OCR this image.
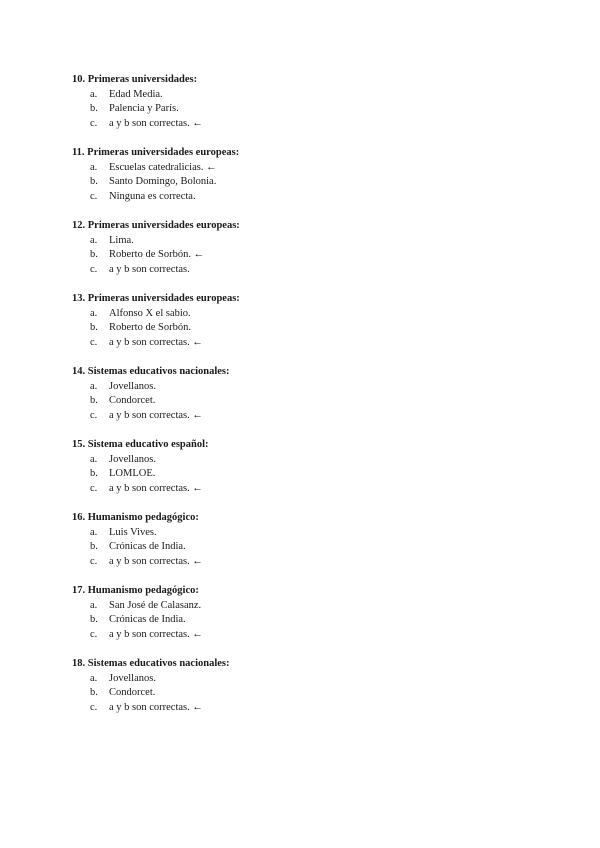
10. Primeras universidades:
a. Edad Media.
b. Palencia y París.
c. a y b son correctas. ←
11. Primeras universidades europeas:
a. Escuelas catedralicias. ←
b. Santo Domingo, Bolonia.
c. Ninguna es correcta.
12. Primeras universidades europeas:
a. Lima.
b. Roberto de Sorbón. ←
c. a y b son correctas.
13. Primeras universidades europeas:
a. Alfonso X el sabio.
b. Roberto de Sorbón.
c. a y b son correctas. ←
14. Sistemas educativos nacionales:
a. Jovellanos.
b. Condorcet.
c. a y b son correctas. ←
15. Sistema educativo español:
a. Jovellanos.
b. LOMLOE.
c. a y b son correctas. ←
16. Humanismo pedagógico:
a. Luis Vives.
b. Crónicas de India.
c. a y b son correctas. ←
17. Humanismo pedagógico:
a. San José de Calasanz.
b. Crónicas de India.
c. a y b son correctas. ←
18. Sistemas educativos nacionales:
a. Jovellanos.
b. Condorcet.
c. a y b son correctas. ←
